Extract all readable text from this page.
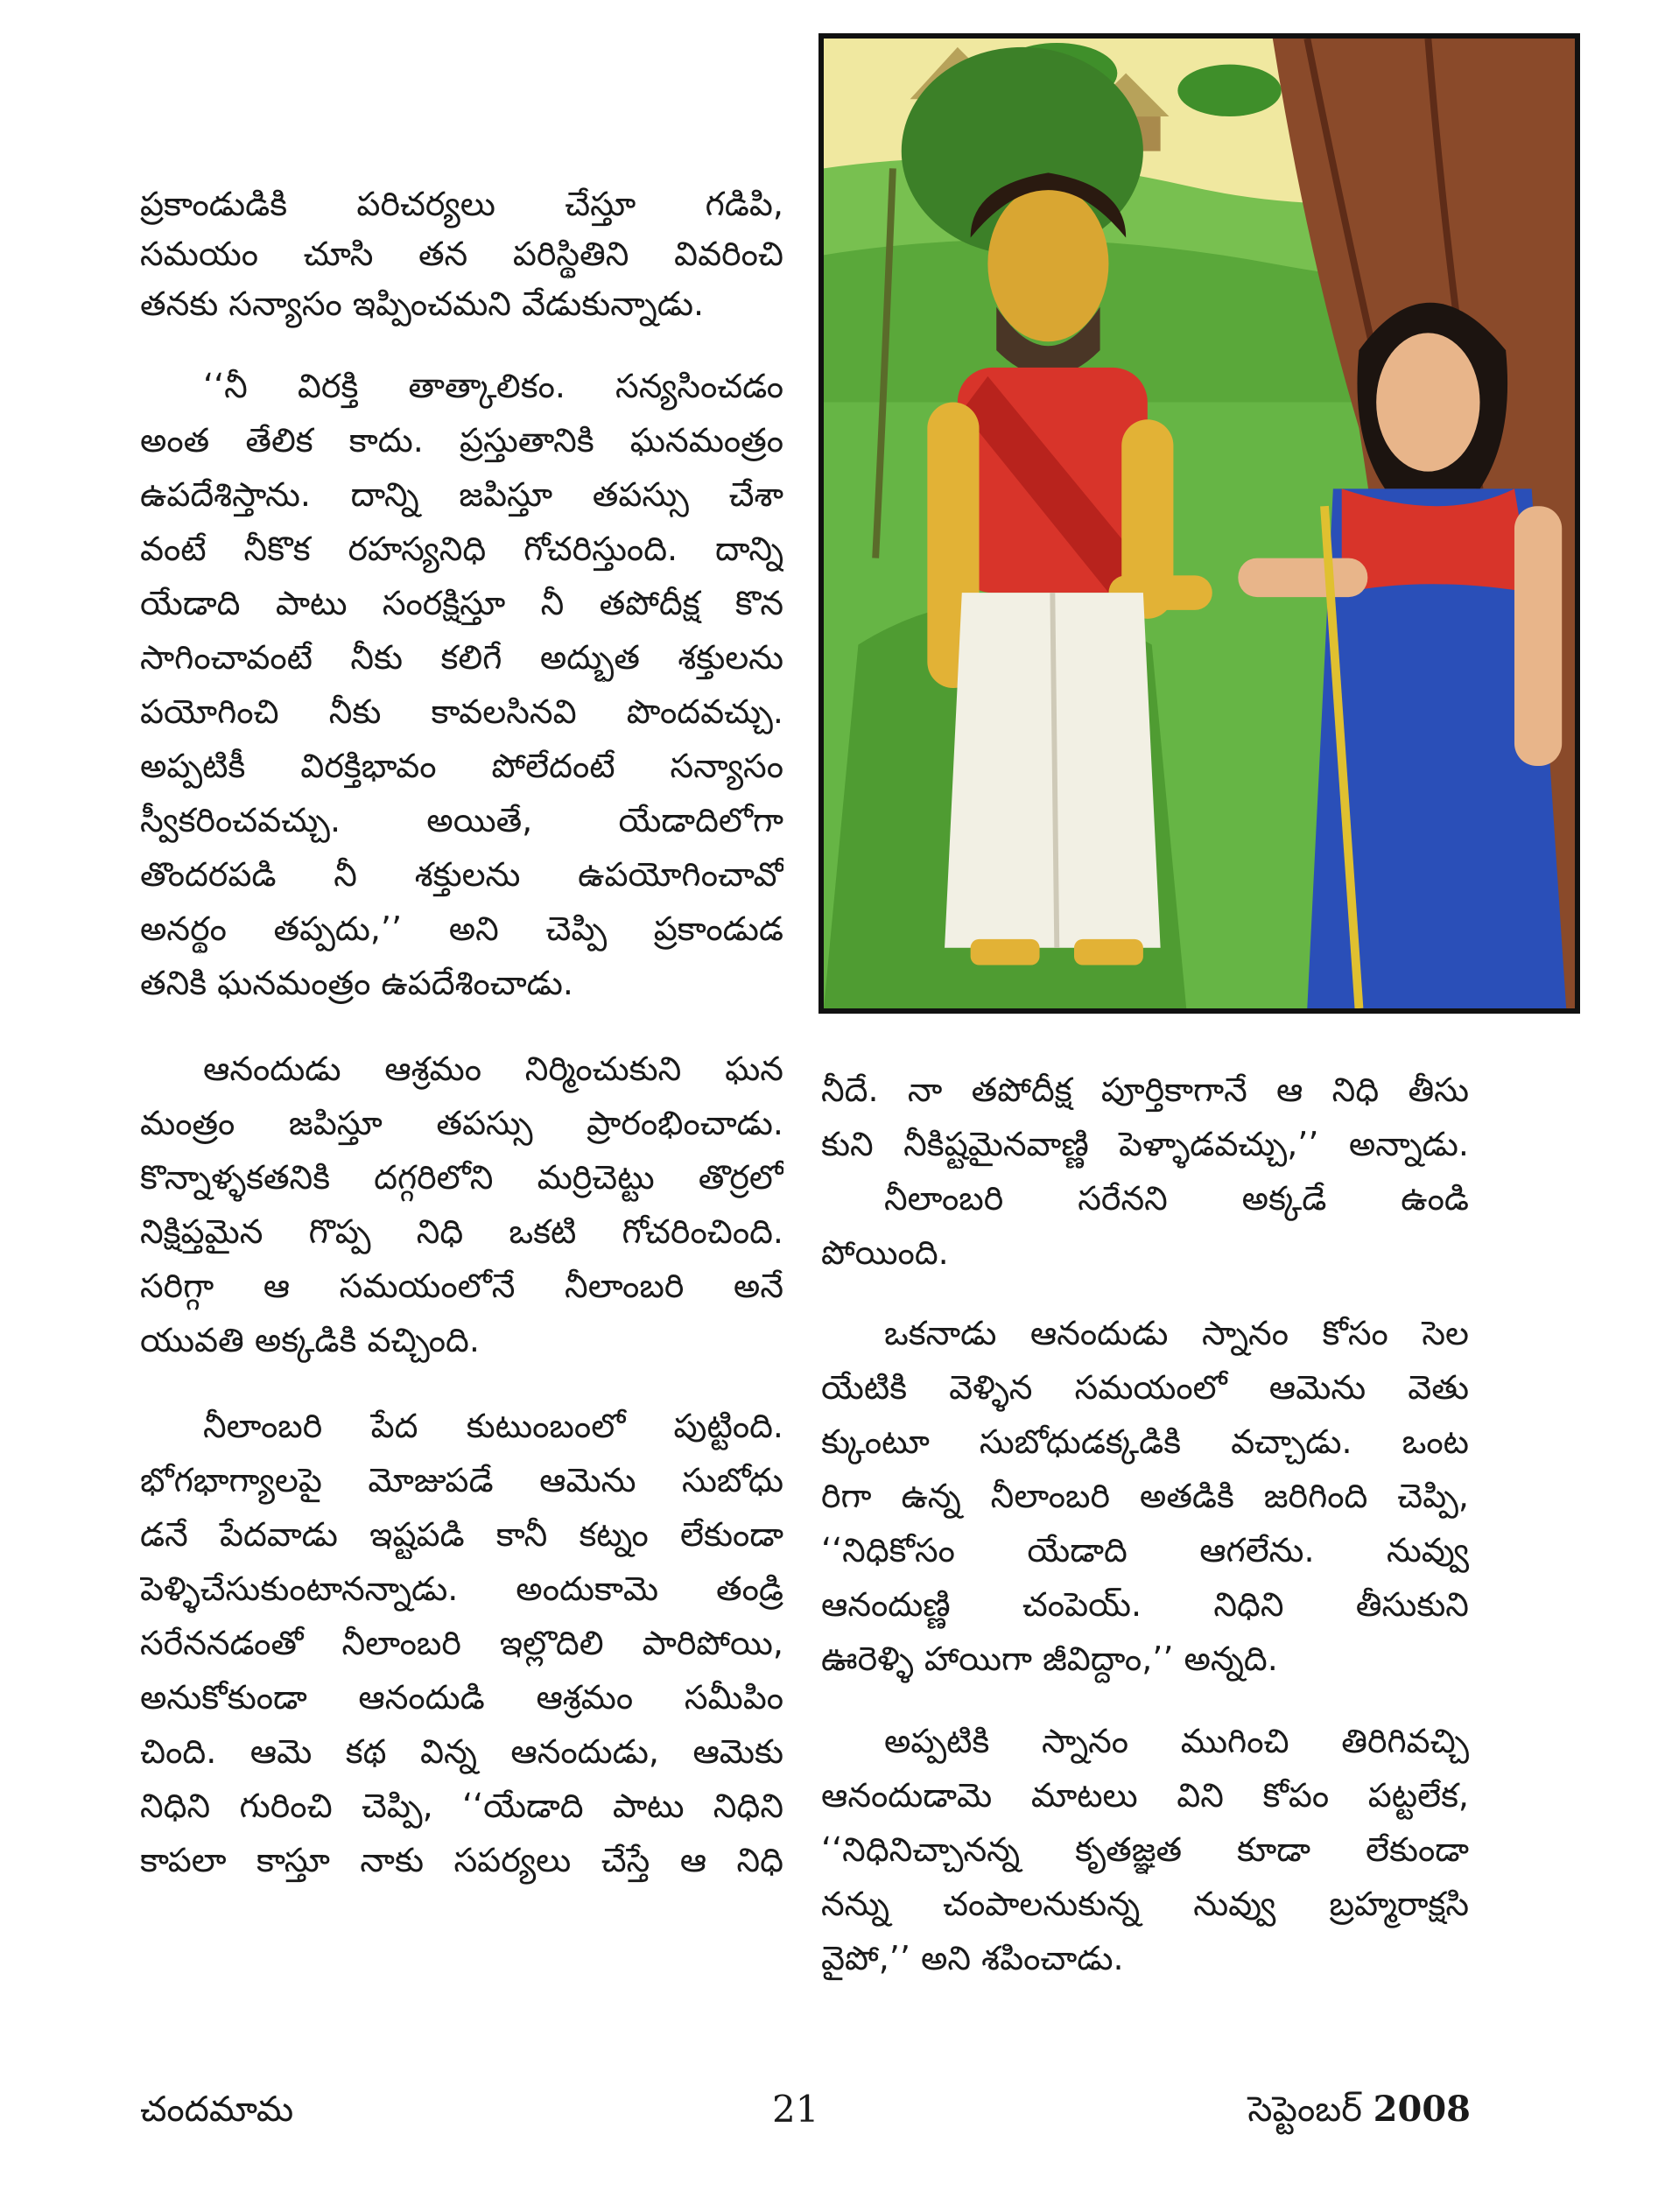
ప్రకాండుడికి పరిచర్యలు చేస్తూ గడిపి,
సమయం చూసి తన పరిస్థితిని వివరించి
తనకు సన్యాసం ఇప్పించమని వేడుకున్నాడు.
‘‘నీ విరక్తి తాత్కాలికం. సన్యసించడం
అంత తేలిక కాదు. ప్రస్తుతానికి ఘనమంత్రం
ఉపదేశిస్తాను. దాన్ని జపిస్తూ తపస్సు చేశా
వంటే నీకొక రహస్యనిధి గోచరిస్తుంది. దాన్ని
యేడాది పాటు సంరక్షిస్తూ నీ తపోదీక్ష కొన
సాగించావంటే నీకు కలిగే అద్భుత శక్తులను
పయోగించి నీకు కావలసినవి పొందవచ్చు.
అప్పటికీ విరక్తిభావం పోలేదంటే సన్యాసం
స్వీకరించవచ్చు. అయితే, యేడాదిలోగా
తొందరపడి నీ శక్తులను ఉపయోగించావో
అనర్థం తప్పదు,’’ అని చెప్పి ప్రకాండుడ
తనికి ఘనమంత్రం ఉపదేశించాడు.
ఆనందుడు ఆశ్రమం నిర్మించుకుని ఘన
మంత్రం జపిస్తూ తపస్సు ప్రారంభించాడు.
కొన్నాళ్ళకతనికి దగ్గరిలోని మర్రిచెట్టు తొర్రలో
నిక్షిప్తమైన గొప్ప నిధి ఒకటి గోచరించింది.
సరిగ్గా ఆ సమయంలోనే నీలాంబరి అనే
యువతి అక్కడికి వచ్చింది.
నీలాంబరి పేద కుటుంబంలో పుట్టింది.
భోగభాగ్యాలపై మోజుపడే ఆమెను సుబోధు
డనే పేదవాడు ఇష్టపడి కానీ కట్నం లేకుండా
పెళ్ళిచేసుకుంటానన్నాడు. అందుకామె తండ్రి
సరేననడంతో నీలాంబరి ఇల్లొదిలి పారిపోయి,
అనుకోకుండా ఆనందుడి ఆశ్రమం సమీపిం
చింది. ఆమె కథ విన్న ఆనందుడు, ఆమెకు
నిధిని గురించి చెప్పి, ‘‘యేడాది పాటు నిధిని
కాపలా కాస్తూ నాకు సపర్యలు చేస్తే ఆ నిధి
నీదే. నా తపోదీక్ష పూర్తికాగానే ఆ నిధి తీసు
కుని నీకిష్టమైనవాణ్ణి పెళ్ళాడవచ్చు,’’ అన్నాడు.
నీలాంబరి సరేనని అక్కడే ఉండి
పోయింది.
ఒకనాడు ఆనందుడు స్నానం కోసం సెల
యేటికి వెళ్ళిన సమయంలో ఆమెను వెతు
క్కుంటూ సుబోధుడక్కడికి వచ్చాడు. ఒంట
రిగా ఉన్న నీలాంబరి అతడికి జరిగింది చెప్పి,
‘‘నిధికోసం యేడాది ఆగలేను. నువ్వు
ఆనందుణ్ణి చంపెయ్. నిధిని తీసుకుని
ఊరెళ్ళి హాయిగా జీవిద్దాం,’’ అన్నది.
అప్పటికి స్నానం ముగించి తిరిగివచ్చి
ఆనందుడామె మాటలు విని కోపం పట్టలేక,
‘‘నిధినిచ్చానన్న కృతజ్ఞత కూడా లేకుండా
నన్ను చంపాలనుకున్న నువ్వు బ్రహ్మరాక్షసి
వైపో,’’ అని శపించాడు.
చందమామ	21	సెప్టెంబర్ 2008
